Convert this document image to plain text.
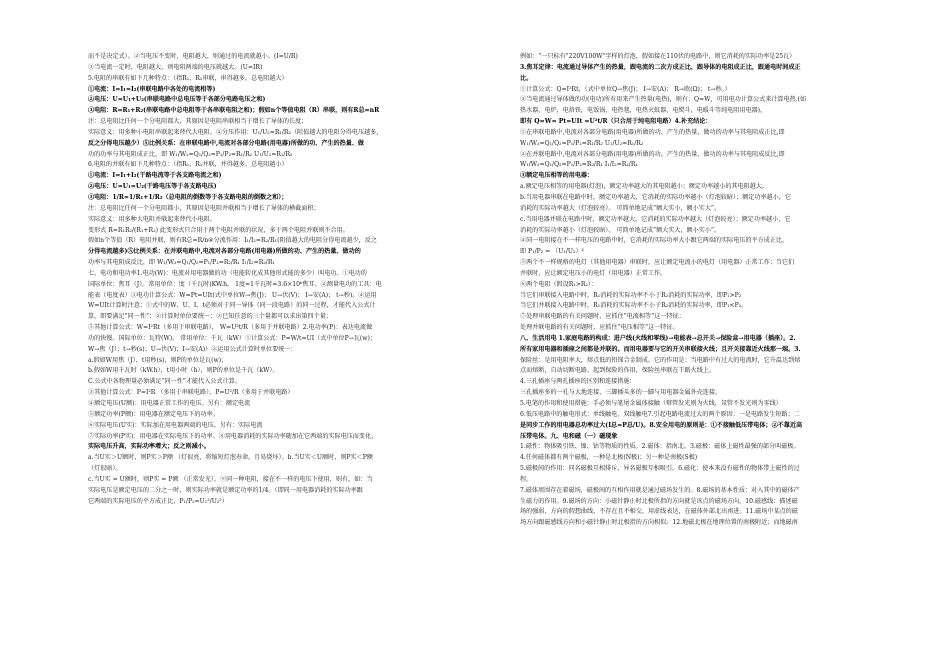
而不是决定式）。②当电压不变时，电阻越大，则通过的电流就越小。(I=U/R)
③当电流一定时，电阻越大，则电阻两端的电压就越大。(U=IR)
5.电阻的串联有如下几种特点：（指R₁、R₂串联，串得越多，总电阻越大）
①电流：I=I₁=I₂(串联电路中各处的电流相等)
②电压：U=U₁+U₂(串联电路中总电压等于各部分电路电压之和)
③电阻：R=R₁+R₂(串联电路中总电阻等于各串联电阻之和)；假如n个等值电阻（R）串联，则有R总=nR
注：总电阻比任何一个分电阻都大，其原因是电阻串联相当于增长了导体的长度；
实际意义：用多种小电阻串联起来替代大电阻。④分压作用：U₁/U₂=R₁/R₂（阻值越大的电阻分得电压越多，
反之分得电压越少）⑤比例关系：在串联电路中,电流对各部分电路(用电器)所做的功、产生的热量、做
功的功率与其电阻成正比，即 W₁/W₂=Q₁/Q₂=P₁/P₂=R₁/R₂ U₁/U₂=R₁/R₂
6.电阻的并联有如下几种特点：（指R₁、R₂并联，并得越多，总电阻越小）
①电流：I=I₁+I₂(干路电流等于各支路电流之和)
②电压：U=U₁=U₂(干路电压等于各支路电压)
③电阻：1/R=1/R₁+1/R₂（总电阻的倒数等于各支路电阻的倒数之和）；
注：总电阻比任何一个分电阻都小，其原因是电阻并联相当于增长了导体的横截面积；
实际意义：用多种大电阻并联起来替代小电阻。
变形式 R=R₁R₂/(R₁+R₂) 此变形式只合用于两个电阻并联的状况，多于两个电阻并联则不合用。
假如n个等值（R）电阻并联，则有R总=R/n④分流作用：I₁/I₂=R₂/R₁(阻值越大的电阻分得电流越少，反之
分得电流越多)⑤比例关系：在并联电路中,电流对各部分电路(用电器)所做的功、产生的热量、做功的
功率与其电阻成反比，即 W₁/W₂=Q₁/Q₂=P₁/P₂=R₂/R₁ I₁/I₂=R₂/R₁
七、电功和电功率1.电功(W)：电流对用电器做的功（电能转化成其他形式能的多少）叫电功。①电功的
国际单位：焦耳（J）。常用单位：度（千瓦时)KW.h， 1度=1千瓦时=3.6×10⁶焦耳。②测量电功的工具：电
能表（电度表）③电功计算公式：W=Pt=UIt(式中单位W→焦(J)； U→伏(V)； I→安(A)； t→秒)。④运用
W=UIt计算时注意：①式中的W、U、I、t必须对于同一导体（同一段电路）的同一过程，才能代入公式计
算，即要满足“同一性”；②计算时单位要统一；③已知任意的三个量都可以求出第四个量；
⑤其他计算公式：W=I²Rt（多用于串联电路）， W=U²t/R（多用于并联电路）2.电功率(P)：表达电流做
功的快慢。国际单位：瓦特(W)。 常用单位：千瓦（kW）①计算公式：P=W/t=UI（式中单位P→瓦(w)；
W→焦（J）；t→秒(s)；U→伏(V)；I→安(A)）②运用公式计算时单位要统一：
a.假如W用焦（J），t用秒(s)，则P的单位是瓦(w)；
b.假如W用千瓦时（kW.h），t用小时（h），则P的单位是千瓦（kW）。
C.公式中各物理量必须满足“同一性”才能代入公式计算。
③其他计算公式：P=I²R （多用于串联电路），P=U²/R（多用于并联电路）
④额定电压(U额)：用电器正常工作的电压。另有：额定电流
⑤额定功率(P额)：用电器在额定电压下的功率。
⑥实际电压(U实)：实际加在用电器两端的电压。另有：实际电流
⑦实际功率(P实)：用电器在实际电压下的功率。⑧用电器消耗的实际功率随加在它两端的实际电压而变化，
实际电压升高，实际功率增大；反之则减小。
a.当U实＞U额时，则P实＞P额 （灯很亮，将缩短灯泡寿命，且易烧坏）。b.当U实＜U额时，则P实＜P额
（灯很暗）。
c.当U实 = U额时，则P实 = P额 （正常发光）。⑨同一种电阻，接在不一样的电压下使用，则有，如：当
实际电压是额定电压的二分之一时，则实际功率就是额定功率的1/4。（即同一用电器消耗的实际功率跟
它两端的实际电压的平方成正比，P₁/P₂=U₁²/U₂²）
例如：“一只标有"220V100W"字样的灯泡，假如接在110伏的电路中，则它消耗的实际功率是25瓦）
3.焦耳定律：电流通过导体产生的热量，跟电流的二次方成正比，跟导体的电阻成正比，跟通电时间成正
比。
①计算公式：Q=I²Rt，（式中单位Q→焦(J)； I→安(A)； R→欧(Ω)； t→秒。）
②当电流通过导体做的功(电功)所有用来产生热量(电热)，则有：Q=W，可用电功计算公式来计算电热.(如
热水器，电炉，电烙铁，电饭锅，电热毯，电热灭蚊器，电熨斗，电暖斗等纯电阻用电器)，
即有 Q=W= Pt=UIt =U²t/R（只合用于纯电阻电路）4.补充结论：
①在串联电路中,电流对各部分电路(用电器)所做的功、产生的热量、做功的功率与其电阻成正比,即
W₁/W₂=Q₁/Q₂=P₁/P₂=R₁/R₂ U₁/U₂=R₁/R₂
②在并联电路中,电流对各部分电路(用电器)所做的功、产生的热量、做功的功率与其电阻成反比,即
W₁/W₂=Q₁/Q₂=P₁/P₂=R₂/R₁ I₁/I₂=R₂/R₁
③额定电压相等的用电器：
a.额定电压相等的用电器(灯泡)，额定功率越大的其电阻越小；额定功率越小的其电阻越大。
b.当用电器串联在电路中时，额定功率越大，它消耗的实际功率越小（灯泡较暗）；额定功率越小，它
消耗的实际功率越大（灯泡较亮）。 可简单地记成“额大实小，额小实大”。
c.当用电器并联在电路中时，额定功率越大，它消耗的实际功率越大（灯泡较亮）；额定功率越小，它
消耗的实际功率越小（灯泡较暗）。 可简单地记成“额大实大，额小实小”。
④同一电阻接在不一样电压的电路中时，它消耗的实际功率大小跟它两端的实际电压的平方成正比，
即 P₁/P₂ = （U₁/U₂）²
⑤两个不一样规格的电灯（其他用电器）串联时，应让额定电流小的电灯（用电器）正常工作；当它们
并联时，应让额定电压小的电灯（用电器）正常工作。
⑥两个电阻（假设R₁>R₂）：
当它们串联接入电路中时，R₁消耗的实际功率不小于R₂消耗的实际功率，即P₁>P₂
当它们并联接入电路中时，R₁消耗的实际功率不小于R₂消耗的实际功率，即P₁<P₂。
⑦处理串联电路的有关问题时，应抓住“电流相等”这一特征；
处理并联电路的有关问题时，应抓住“电压相等”这一特征。
八、生活用电 1.家庭电路的构成：进户线(火线和零线)→电能表→总开关→保险盒→用电器（插座）。2.
所有家用电器和插座之间都是并联的。而用电器要与它的开关串联接火线；且开关接靠近火线那一端。3.
保险丝：是用电阻率大，熔点低的铅锑合金制成。它的作用是：当电路中有过大的电流时，它升温达到熔
点而熔断，自动切断电路，起到保险的作用，保险丝串联在干路火线上。
4.三孔插座与两孔插座的区别和连接措施：
三孔插座多的一孔与大地连接，三脚插头多的一脚与用电器金属外壳连接。
5.电笔的作用和使用措施：手必须与笔尾金属体接触（辩管发光则为火线，氖管不发光则为零线）
6.低压电路中的触电形式：单线触电，双线触电7.引起电路电流过大的两个原因：一是电路发生短路；二
是同步工作的用电器总功率过大(I总=P总/U)。8.安全用电的原则是：①不接触低压带电体；②不靠近高
压带电体。九、电和磁（一）磁现象
1.磁性：物体吸引铁、镍、钴等物质的性质。2.磁体：指南北。3.磁极：磁体上磁性最强的部分叫磁极。
4.任何磁体都有两个磁极，一种是北极(N极)；另一种是南极(S极)
5.磁极间的作用：同名磁极互相排斥，异名磁极互相吸引。6.磁化：使本来没有磁性的物体带上磁性的过
程。
7.磁体周围存在着磁场，磁极间的互相作用就是通过磁场发生的。8.磁场的基本性质：对入其中的磁体产
生磁力的作用。9.磁场的方向：小磁针静止时北极所指的方向就是该点的磁场方向。10.磁感线：描述磁
场的强弱，方向的假想曲线，不存在且不相交，用虚线表达，在磁体外部北出南进。11.磁场中某点的磁
场方向跟磁感线方向和小磁针静止时北极指的方向相似。12.地磁北极在地理位置的南极附近；而地磁南
